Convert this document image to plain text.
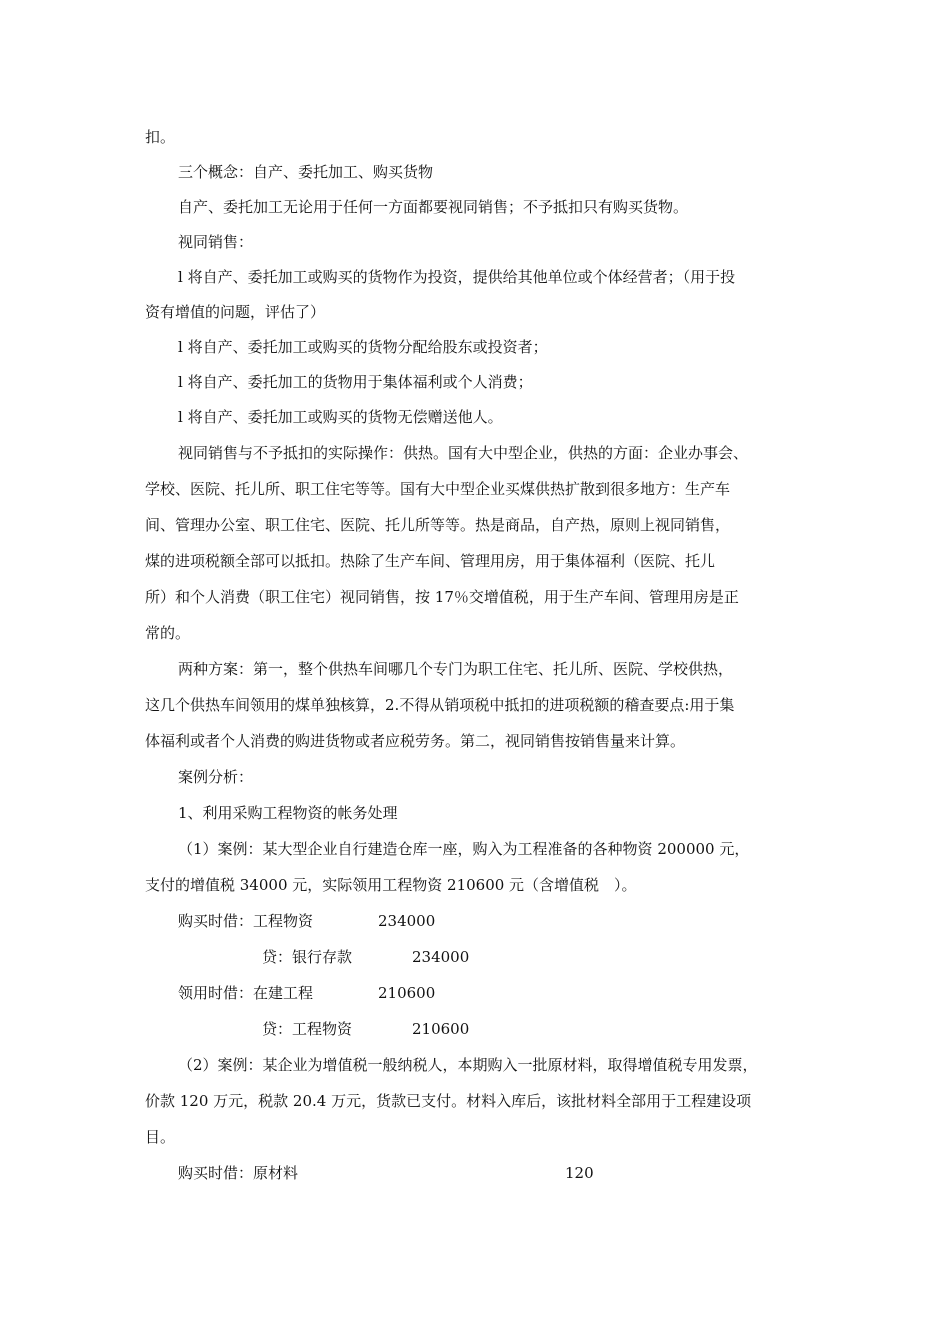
扣。
三个概念：自产、委托加工、购买货物
自产、委托加工无论用于任何一方面都要视同销售；不予抵扣只有购买货物。
视同销售：
l 将自产、委托加工或购买的货物作为投资，提供给其他单位或个体经营者；（用于投
资有增值的问题，评估了）
l 将自产、委托加工或购买的货物分配给股东或投资者；
l 将自产、委托加工的货物用于集体福利或个人消费；
l 将自产、委托加工或购买的货物无偿赠送他人。
视同销售与不予抵扣的实际操作：供热。国有大中型企业，供热的方面：企业办事会、
学校、医院、托儿所、职工住宅等等。国有大中型企业买煤供热扩散到很多地方：生产车
间、管理办公室、职工住宅、医院、托儿所等等。热是商品，自产热，原则上视同销售，
煤的进项税额全部可以抵扣。热除了生产车间、管理用房，用于集体福利（医院、托儿
所）和个人消费（职工住宅）视同销售，按 17％交增值税，用于生产车间、管理用房是正
常的。
两种方案：第一，整个供热车间哪几个专门为职工住宅、托儿所、医院、学校供热，
这几个供热车间领用的煤单独核算，2.不得从销项税中抵扣的进项税额的稽查要点:用于集
体福利或者个人消费的购进货物或者应税劳务。第二，视同销售按销售量来计算。
案例分析：
1、利用采购工程物资的帐务处理
（1）案例：某大型企业自行建造仓库一座，购入为工程准备的各种物资 200000 元，
支付的增值税 34000 元，实际领用工程物资 210600 元（含增值税　）。
购买时借：工程物资	234000
贷：银行存款	234000
领用时借：在建工程	210600
贷：工程物资	210600
（2）案例：某企业为增值税一般纳税人，本期购入一批原材料，取得增值税专用发票，
价款 120 万元，税款 20.4 万元，货款已支付。材料入库后，该批材料全部用于工程建设项
目。
购买时借：原材料	120
